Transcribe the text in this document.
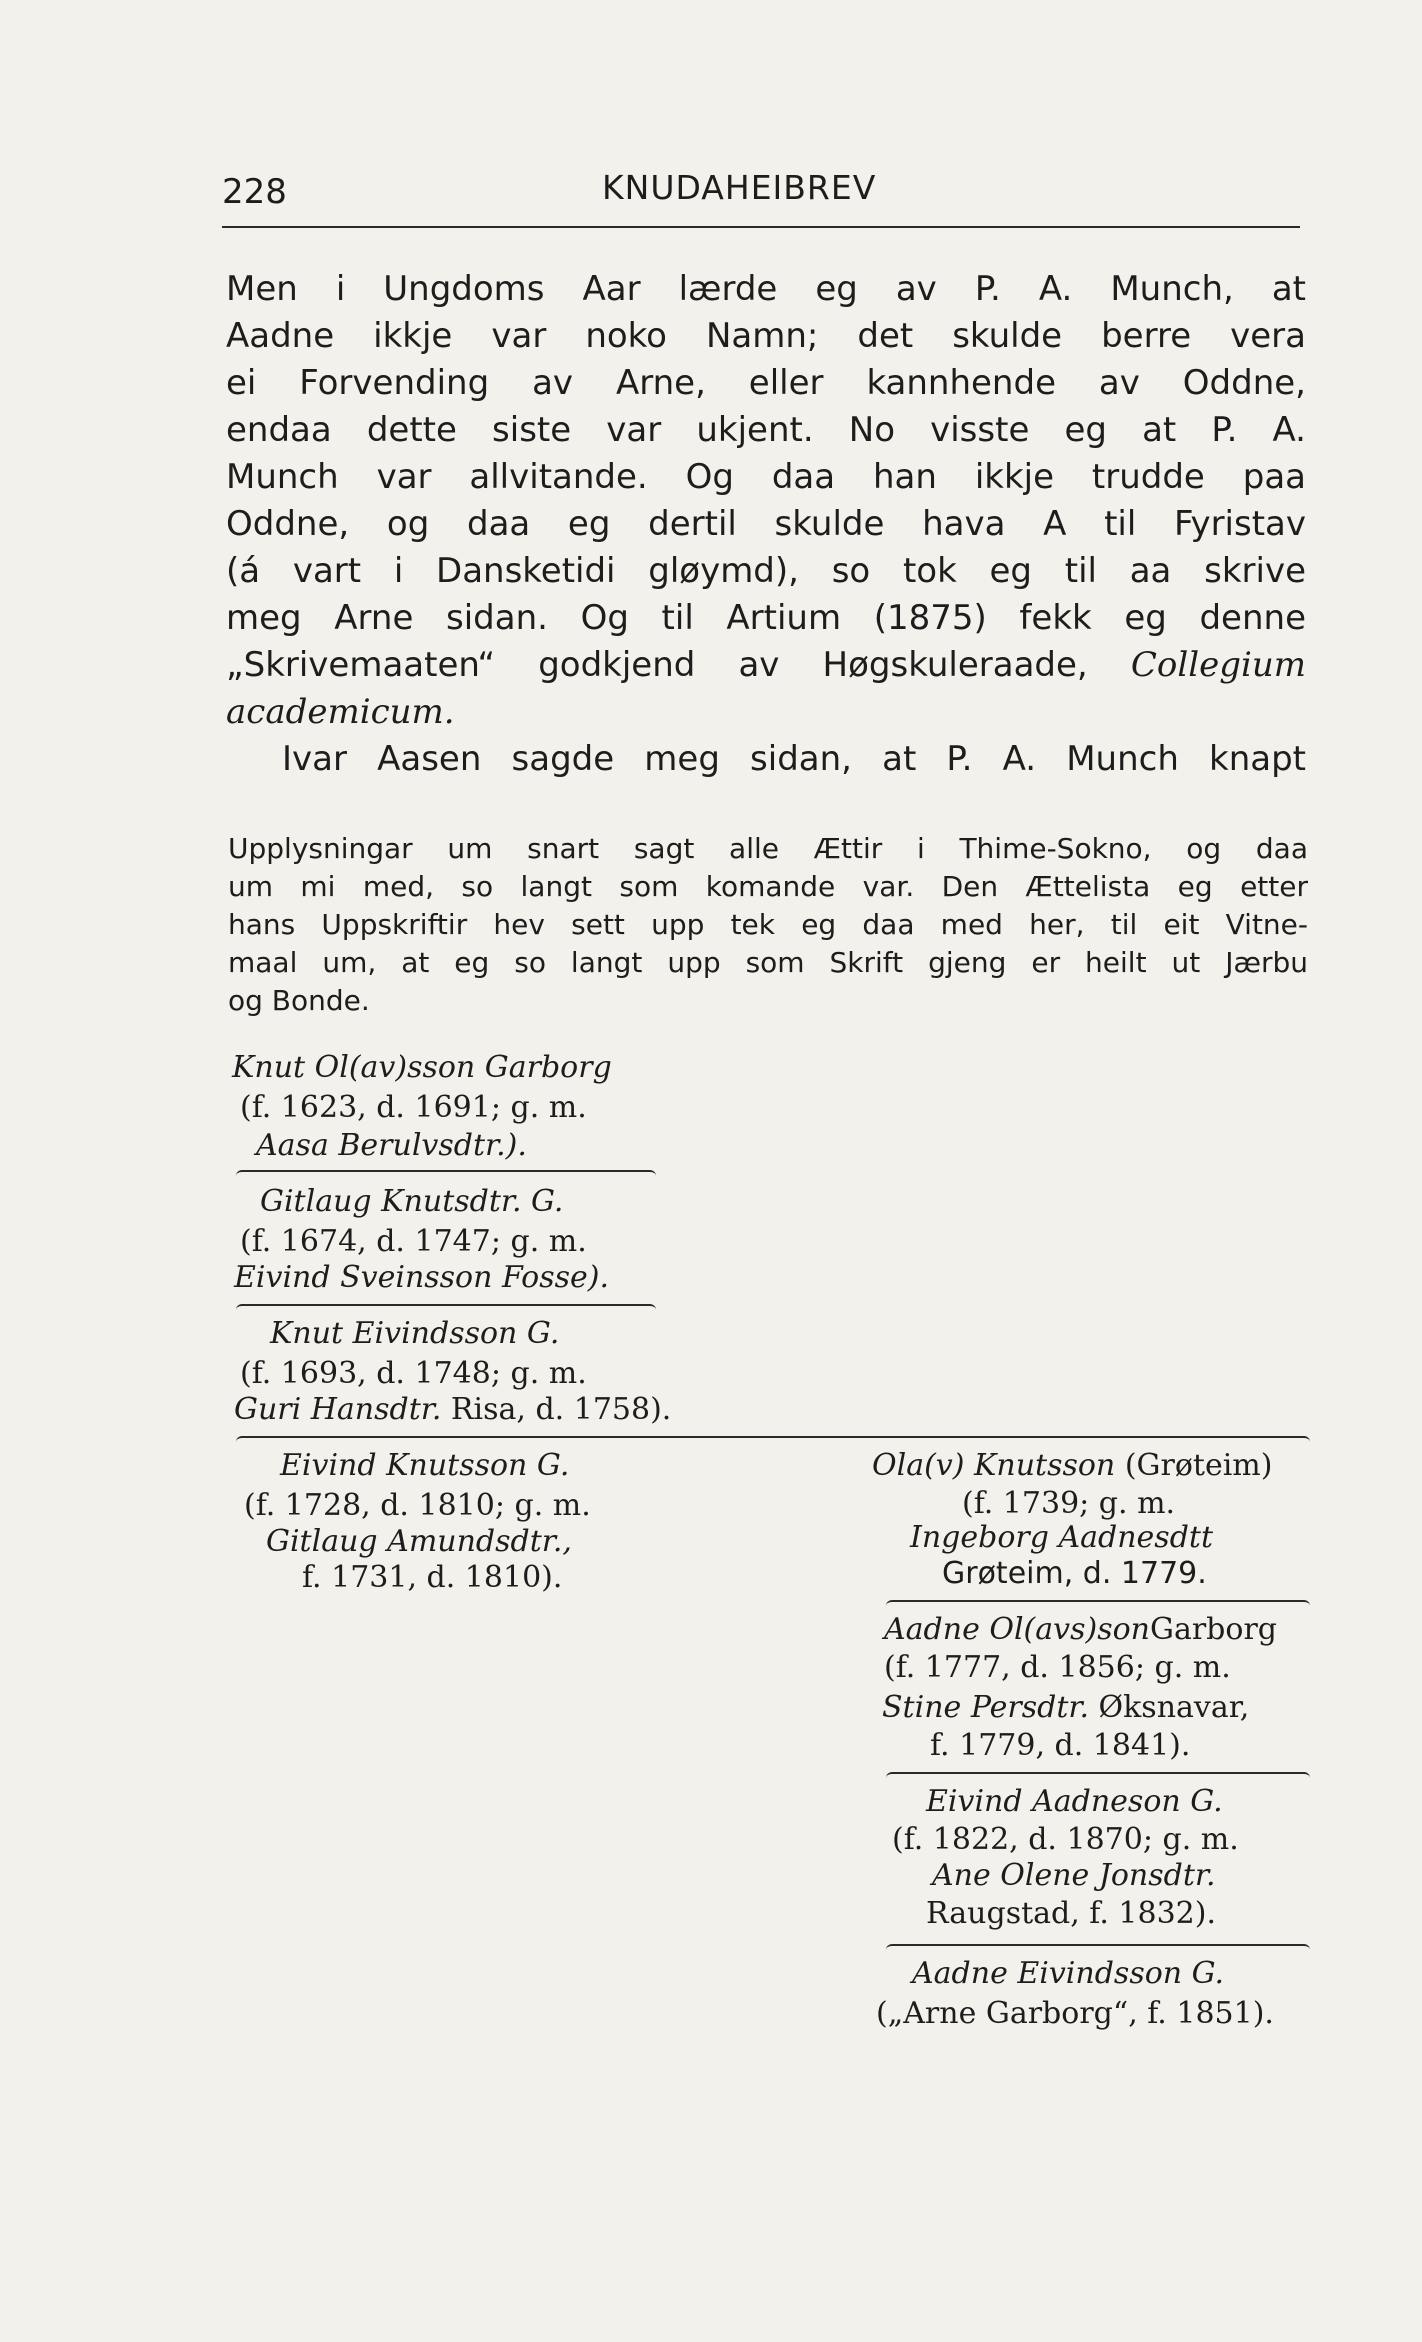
228	KNUDAHEIBREV
Men i Ungdoms Aar lærde eg av P. A. Munch, at
Aadne ikkje var noko Namn; det skulde berre vera
ei Forvending av Arne, eller kannhende av Oddne,
endaa dette siste var ukjent. No visste eg at P. A.
Munch var allvitande. Og daa han ikkje trudde paa
Oddne, og daa eg dertil skulde hava A til Fyristav
(á vart i Dansketidi gløymd), so tok eg til aa skrive
meg Arne sidan. Og til Artium (1875) fekk eg denne
„Skrivemaaten“ godkjend av Høgskuleraade, Collegium
academicum.
Ivar Aasen sagde meg sidan, at P. A. Munch knapt
Upplysningar um snart sagt alle Ættir i Thime-Sokno, og daa
um mi med, so langt som komande var. Den Ættelista eg etter
hans Uppskriftir hev sett upp tek eg daa med her, til eit Vitne-
maal um, at eg so langt upp som Skrift gjeng er heilt ut Jærbu
og Bonde.
Knut Ol(av)sson Garborg
(f. 1623, d. 1691; g. m.
Aasa Berulvsdtr.).
Gitlaug Knutsdtr. G.
(f. 1674, d. 1747; g. m.
Eivind Sveinsson Fosse).
Knut Eivindsson G.
(f. 1693, d. 1748; g. m.
Guri Hansdtr. Risa, d. 1758).
Eivind Knutsson G.
(f. 1728, d. 1810; g. m.
Gitlaug Amundsdtr.,
f. 1731, d. 1810).
Ola(v) Knutsson (Grøteim)
(f. 1739; g. m.
Ingeborg Aadnesdtt
Grøteim, d. 1779.
Aadne Ol(avs)sonGarborg
(f. 1777, d. 1856; g. m.
Stine Persdtr. Øksnavar,
f. 1779, d. 1841).
Eivind Aadneson G.
(f. 1822, d. 1870; g. m.
Ane Olene Jonsdtr.
Raugstad, f. 1832).
Aadne Eivindsson G.
(„Arne Garborg“, f. 1851).
